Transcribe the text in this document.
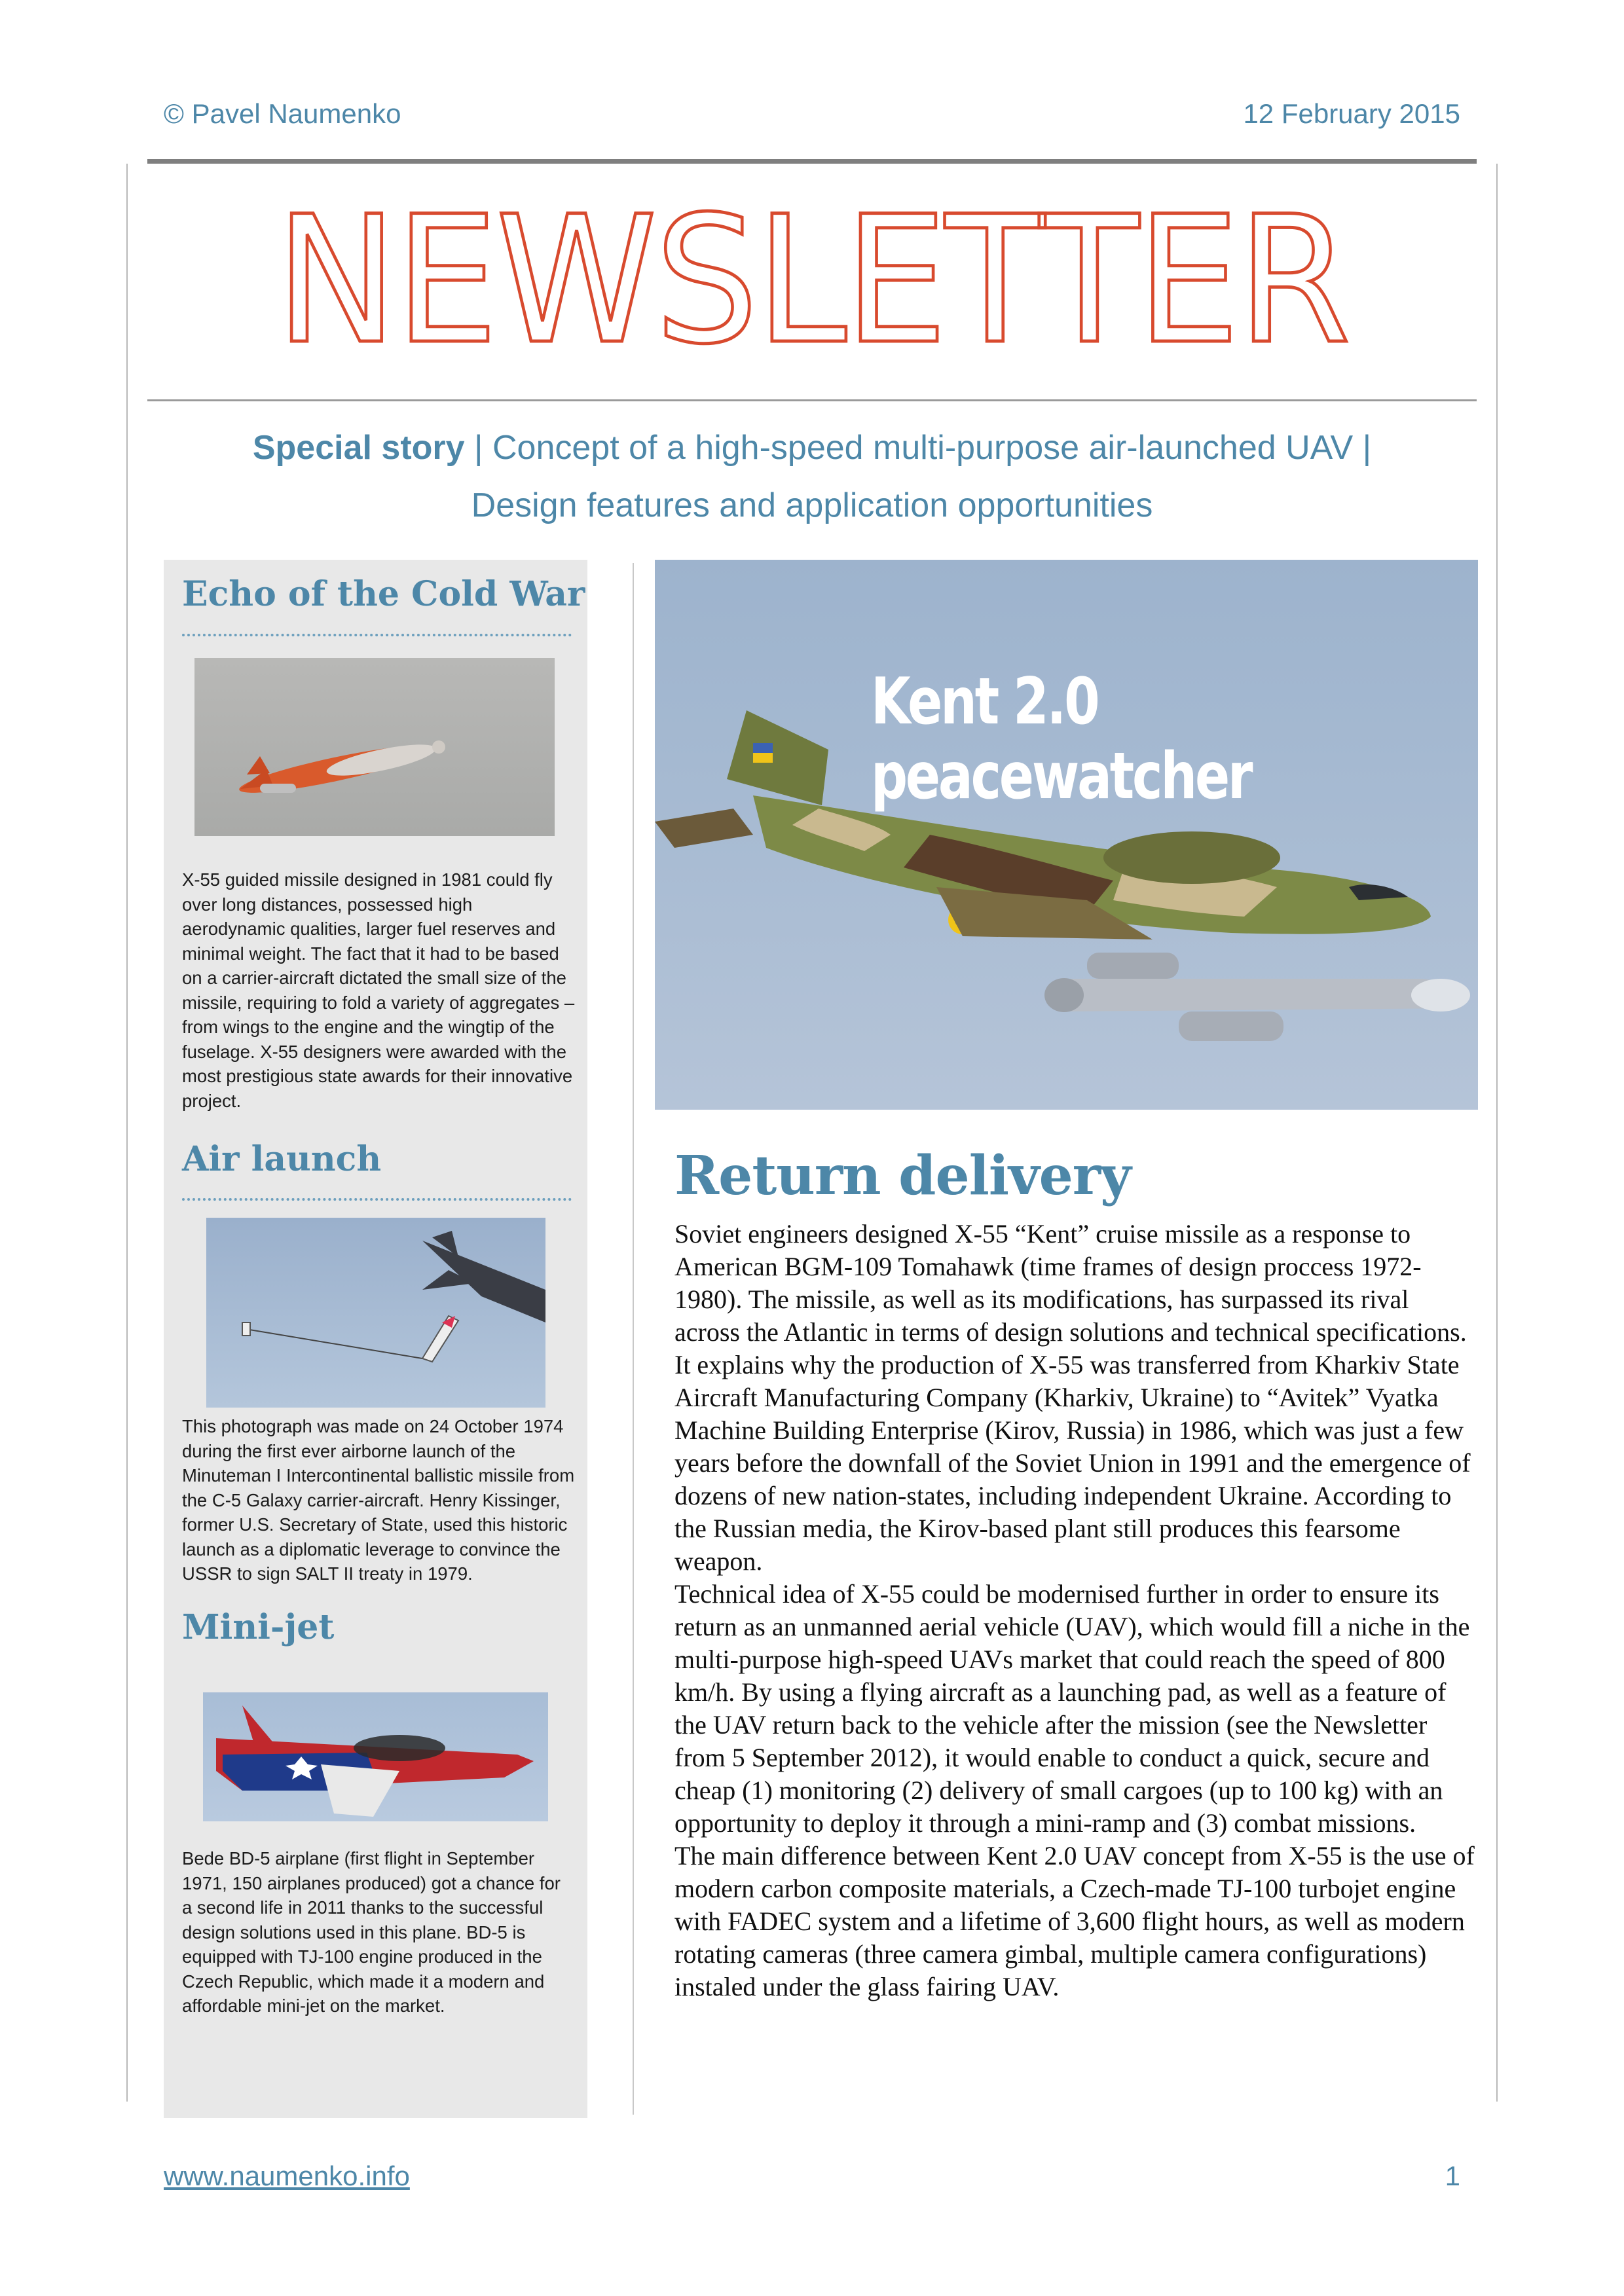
© Pavel Naumenko	12 February 2015
NEWSLETTER
Special story | Concept of a high-speed multi-purpose air-launched UAV |
Design features and application opportunities
Echo of the Cold War
X-55 guided missile designed in 1981 could fly over long distances, possessed high aerodynamic qualities, larger fuel reserves and minimal weight. The fact that it had to be based on a carrier-aircraft dictated the small size of the missile, requiring to fold a variety of aggregates – from wings to the engine and the wingtip of the fuselage. X-55 designers were awarded with the most prestigious state awards for their innovative project.
Air launch
This photograph was made on 24 October 1974 during the first ever airborne launch of the Minuteman I Intercontinental ballistic missile from the C-5 Galaxy carrier-aircraft. Henry Kissinger, former U.S. Secretary of State, used this historic launch as a diplomatic leverage to convince the USSR to sign SALT II treaty in 1979.
Mini-jet
Bede BD-5 airplane (first flight in September 1971, 150 airplanes produced) got a chance for a second life in 2011 thanks to the successful design solutions used in this plane. BD-5 is equipped with TJ-100 engine produced in the Czech Republic, which made it a modern and affordable mini-jet on the market.
Kent 2.0 peacewatcher
Return delivery

Soviet engineers designed X-55 “Kent” cruise missile as a response to American BGM-109 Tomahawk (time frames of design proccess 1972-1980). The missile, as well as its modifications, has surpassed its rival across the Atlantic in terms of design solutions and technical specifications.

It explains why the production of X-55 was transferred from Kharkiv State Aircraft Manufacturing Company (Kharkiv, Ukraine) to “Avitek” Vyatka Machine Building Enterprise (Kirov, Russia) in 1986, which was just a few years before the downfall of the Soviet Union in 1991 and the emergence of dozens of new nation-states, including independent Ukraine. According to the Russian media, the Kirov-based plant still produces this fearsome weapon.

Technical idea of X-55 could be modernised further in order to ensure its return as an unmanned aerial vehicle (UAV), which would fill a niche in the multi-purpose high-speed UAVs market that could reach the speed of 800 km/h. By using a flying aircraft as a launching pad, as well as a feature of the UAV return back to the vehicle after the mission (see the Newsletter from 5 September 2012), it would enable to conduct a quick, secure and cheap (1) monitoring (2) delivery of small cargoes (up to 100 kg) with an opportunity to deploy it through a mini-ramp and (3) combat missions.

The main difference between Kent 2.0 UAV concept from X-55 is the use of modern carbon composite materials, a Czech-made TJ-100 turbojet engine with FADEC system and a lifetime of 3,600 flight hours, as well as modern rotating cameras (three camera gimbal, multiple camera configurations) instaled under the glass fairing UAV.

www.naumenko.info	1
